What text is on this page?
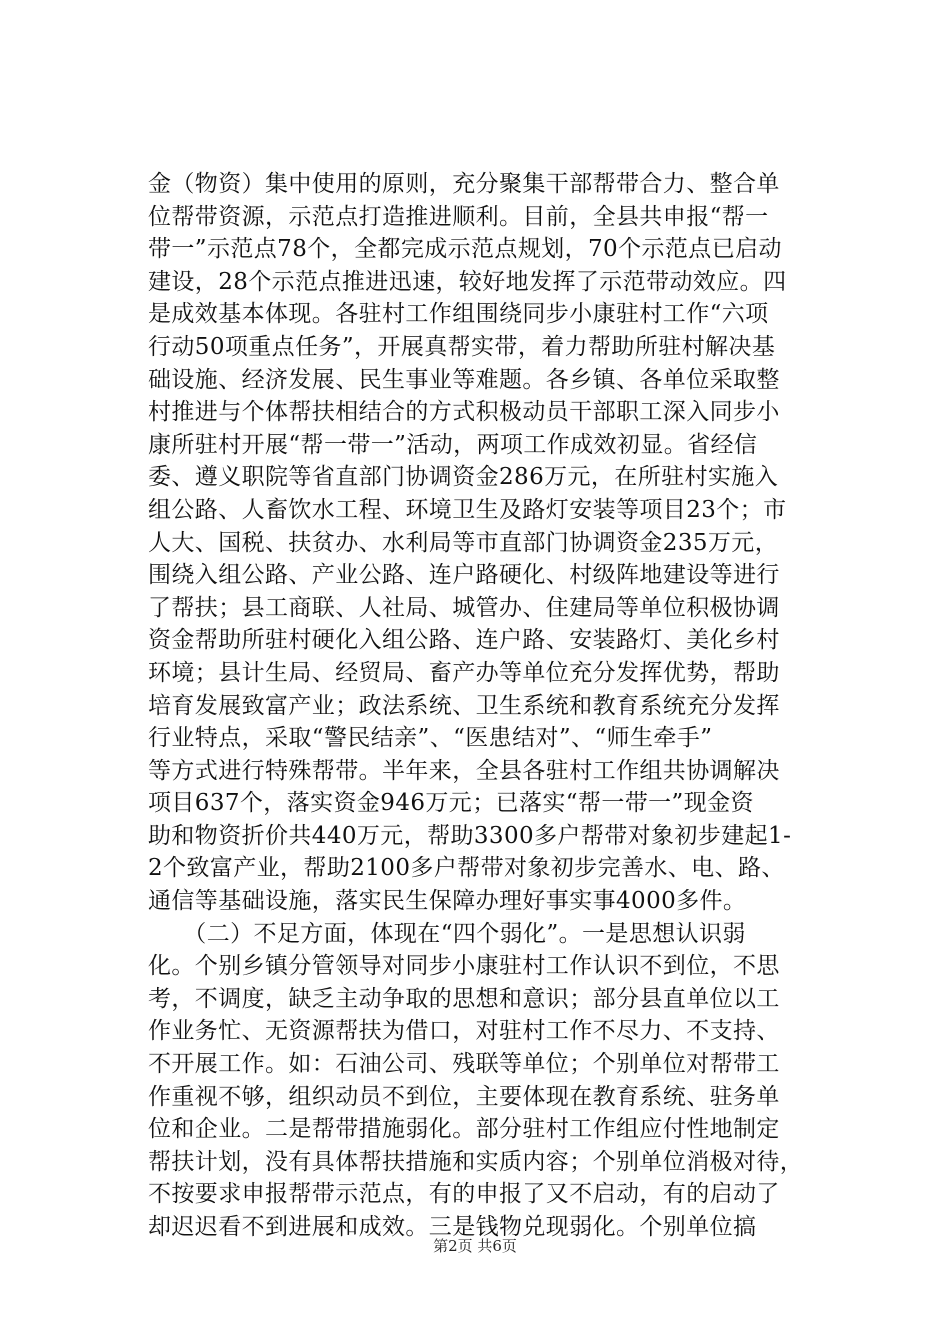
金（物资）集中使用的原则，充分聚集干部帮带合力、整合单
位帮带资源，示范点打造推进顺利。目前，全县共申报“帮一
带一”示范点78个，全都完成示范点规划，70个示范点已启动
建设，28个示范点推进迅速，较好地发挥了示范带动效应。四
是成效基本体现。各驻村工作组围绕同步小康驻村工作“六项
行动50项重点任务”，开展真帮实带，着力帮助所驻村解决基
础设施、经济发展、民生事业等难题。各乡镇、各单位采取整
村推进与个体帮扶相结合的方式积极动员干部职工深入同步小
康所驻村开展“帮一带一”活动，两项工作成效初显。省经信
委、遵义职院等省直部门协调资金286万元，在所驻村实施入
组公路、人畜饮水工程、环境卫生及路灯安装等项目23个；市
人大、国税、扶贫办、水利局等市直部门协调资金235万元，
围绕入组公路、产业公路、连户路硬化、村级阵地建设等进行
了帮扶；县工商联、人社局、城管办、住建局等单位积极协调
资金帮助所驻村硬化入组公路、连户路、安装路灯、美化乡村
环境；县计生局、经贸局、畜产办等单位充分发挥优势，帮助
培育发展致富产业；政法系统、卫生系统和教育系统充分发挥
行业特点，采取“警民结亲”、“医患结对”、“师生牵手”
等方式进行特殊帮带。半年来，全县各驻村工作组共协调解决
项目637个，落实资金946万元；已落实“帮一带一”现金资
助和物资折价共440万元，帮助3300多户帮带对象初步建起1-
2个致富产业，帮助2100多户帮带对象初步完善水、电、路、
通信等基础设施，落实民生保障办理好事实事4000多件。
　　（二）不足方面，体现在“四个弱化”。一是思想认识弱
化。个别乡镇分管领导对同步小康驻村工作认识不到位，不思
考，不调度，缺乏主动争取的思想和意识；部分县直单位以工
作业务忙、无资源帮扶为借口，对驻村工作不尽力、不支持、
不开展工作。如：石油公司、残联等单位；个别单位对帮带工
作重视不够，组织动员不到位，主要体现在教育系统、驻务单
位和企业。二是帮带措施弱化。部分驻村工作组应付性地制定
帮扶计划，没有具体帮扶措施和实质内容；个别单位消极对待，
不按要求申报帮带示范点，有的申报了又不启动，有的启动了
却迟迟看不到进展和成效。三是钱物兑现弱化。个别单位搞
第2页 共6页
